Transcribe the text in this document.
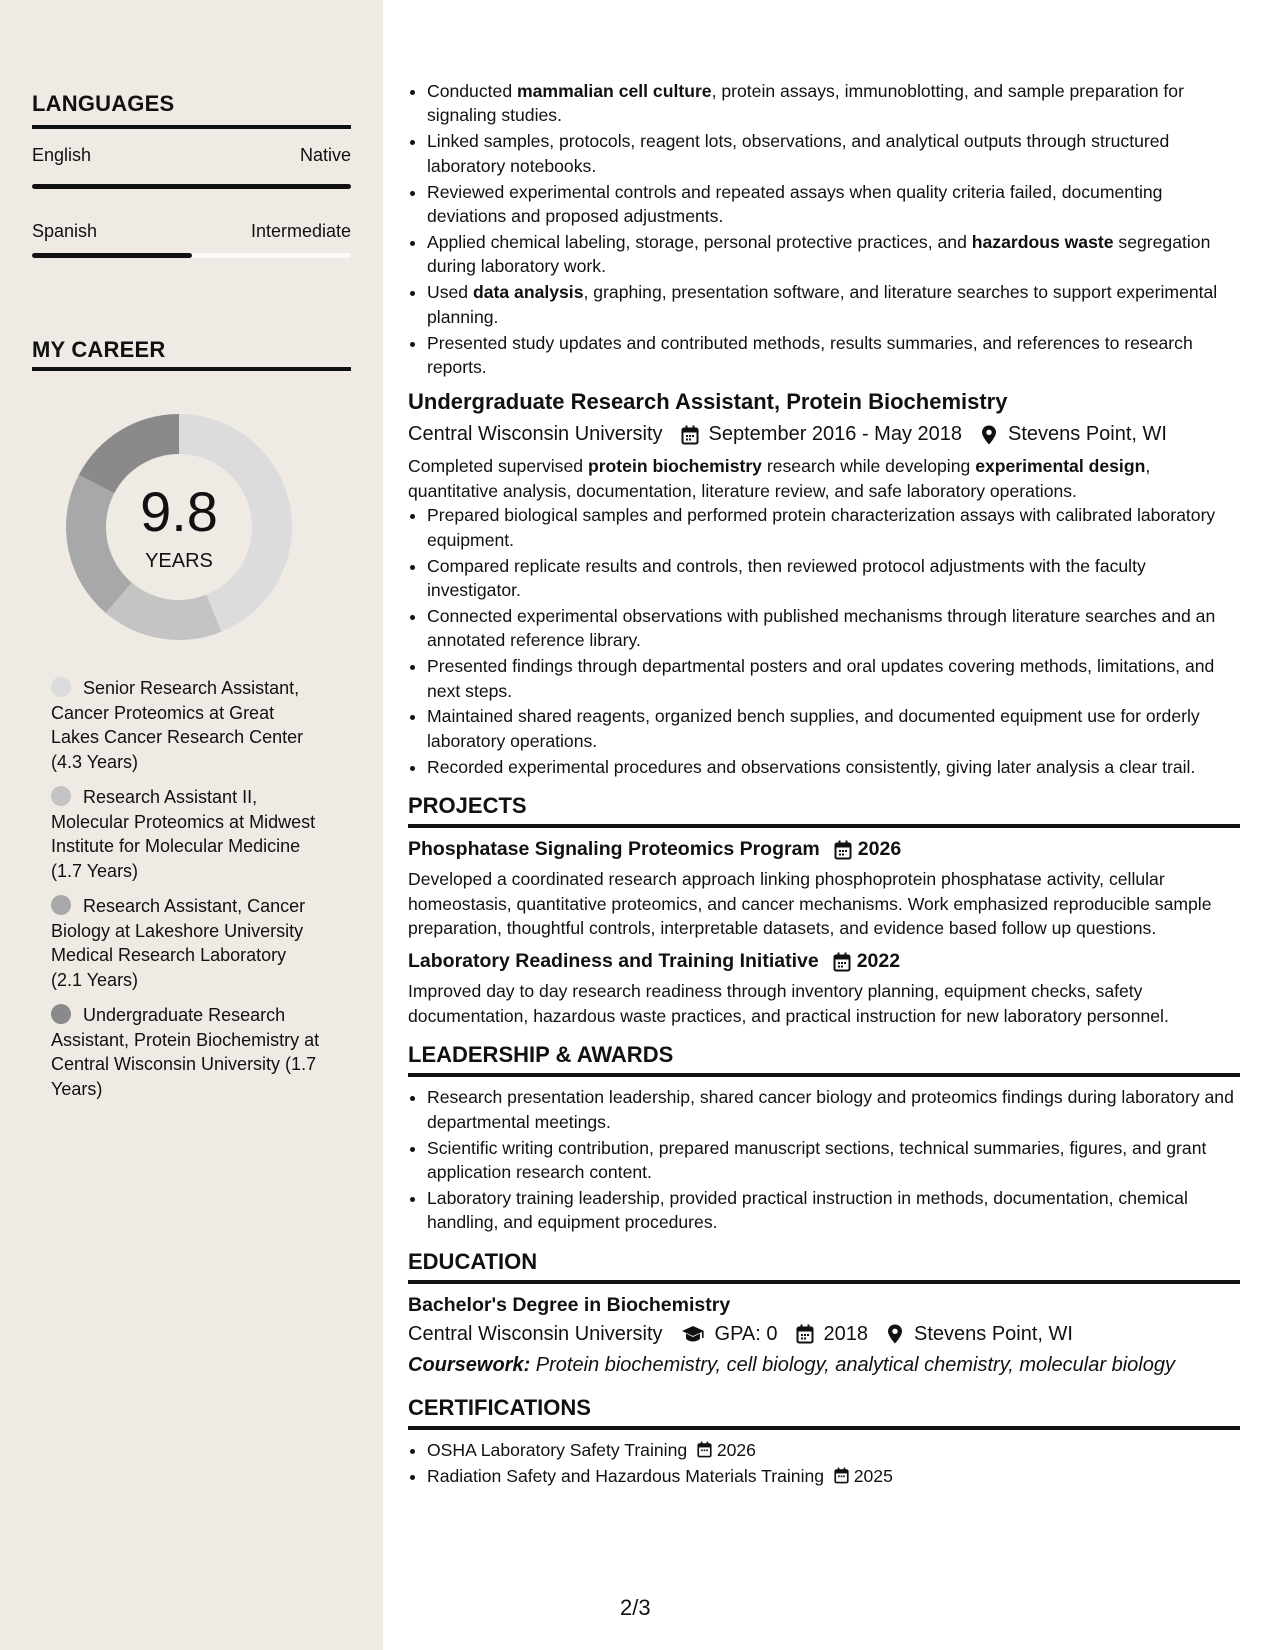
LANGUAGES
English	Native
Spanish	Intermediate
MY CAREER
9.8
YEARS
Senior Research Assistant, Cancer Proteomics at Great Lakes Cancer Research Center (4.3 Years)
Research Assistant II, Molecular Proteomics at Midwest Institute for Molecular Medicine (1.7 Years)
Research Assistant, Cancer Biology at Lakeshore University Medical Research Laboratory (2.1 Years)
Undergraduate Research Assistant, Protein Biochemistry at Central Wisconsin University (1.7 Years)
• Conducted mammalian cell culture, protein assays, immunoblotting, and sample preparation for signaling studies.
• Linked samples, protocols, reagent lots, observations, and analytical outputs through structured laboratory notebooks.
• Reviewed experimental controls and repeated assays when quality criteria failed, documenting deviations and proposed adjustments.
• Applied chemical labeling, storage, personal protective practices, and hazardous waste segregation during laboratory work.
• Used data analysis, graphing, presentation software, and literature searches to support experimental planning.
• Presented study updates and contributed methods, results summaries, and references to research reports.
Undergraduate Research Assistant, Protein Biochemistry
Central Wisconsin University September 2016 - May 2018 Stevens Point, WI

Completed supervised protein biochemistry research while developing experimental design, quantitative analysis, documentation, literature review, and safe laboratory operations.

• Prepared biological samples and performed protein characterization assays with calibrated laboratory equipment.
• Compared replicate results and controls, then reviewed protocol adjustments with the faculty investigator.
• Connected experimental observations with published mechanisms through literature searches and an annotated reference library.
• Presented findings through departmental posters and oral updates covering methods, limitations, and next steps.
• Maintained shared reagents, organized bench supplies, and documented equipment use for orderly laboratory operations.
• Recorded experimental procedures and observations consistently, giving later analysis a clear trail.
PROJECTS
Phosphatase Signaling Proteomics Program 2026

Developed a coordinated research approach linking phosphoprotein phosphatase activity, cellular homeostasis, quantitative proteomics, and cancer mechanisms. Work emphasized reproducible sample preparation, thoughtful controls, interpretable datasets, and evidence based follow up questions.

Laboratory Readiness and Training Initiative 2022

Improved day to day research readiness through inventory planning, equipment checks, safety documentation, hazardous waste practices, and practical instruction for new laboratory personnel.

LEADERSHIP & AWARDS
• Research presentation leadership, shared cancer biology and proteomics findings during laboratory and departmental meetings.
• Scientific writing contribution, prepared manuscript sections, technical summaries, figures, and grant application research content.
• Laboratory training leadership, provided practical instruction in methods, documentation, chemical handling, and equipment procedures.
EDUCATION
Bachelor's Degree in Biochemistry
Central Wisconsin University	GPA: 0 2018 Stevens Point, WI
Coursework: Protein biochemistry, cell biology, analytical chemistry, molecular biology
CERTIFICATIONS
• OSHA Laboratory Safety Training 2026
• Radiation Safety and Hazardous Materials Training 2025
2/3
